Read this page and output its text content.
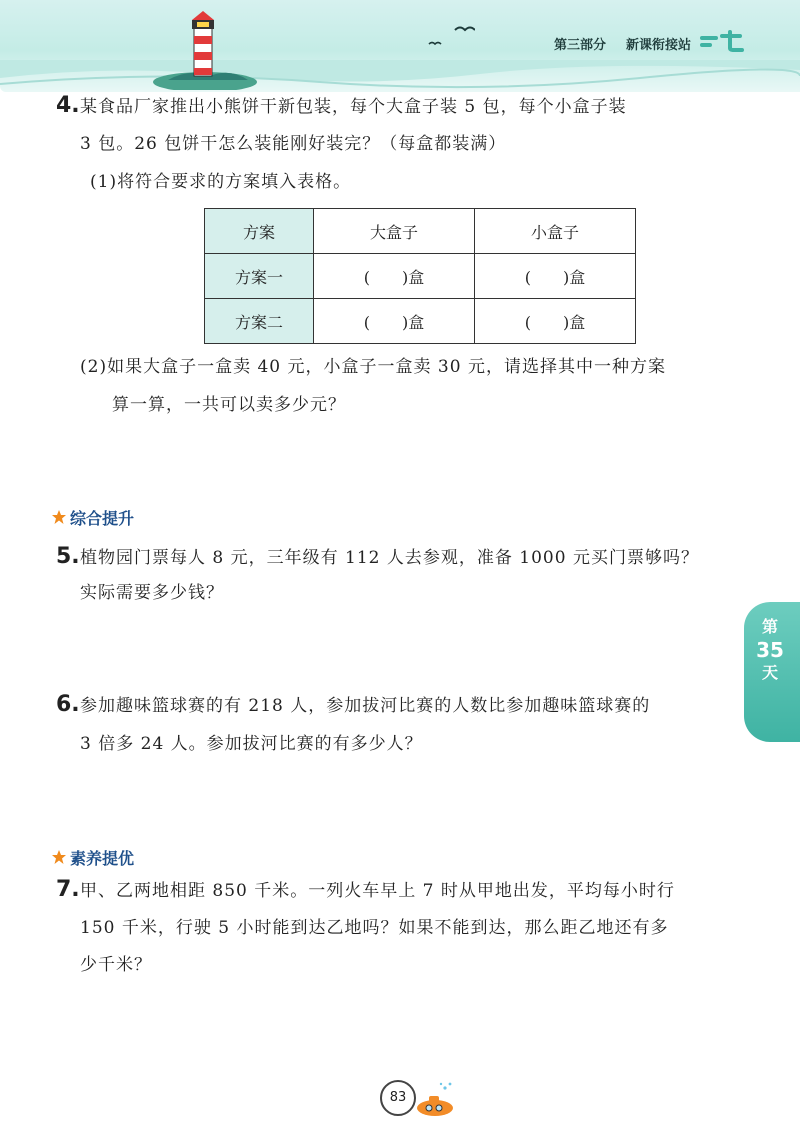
第三部分 新课衔接站
4. 某食品厂家推出小熊饼干新包装，每个大盒子装 5 包，每个小盒子装
3 包。26 包饼干怎么装能刚好装完？（每盒都装满）
(1)将符合要求的方案填入表格。
方案	大盒子	小盒子
方案一	(　　)盒	(　　)盒
方案二	(　　)盒	(　　)盒
(2)如果大盒子一盒卖 40 元，小盒子一盒卖 30 元，请选择其中一种方案
算一算，一共可以卖多少元？
综合提升
5. 植物园门票每人 8 元，三年级有 112 人去参观，准备 1000 元买门票够吗？
实际需要多少钱？
第
35
天
6. 参加趣味篮球赛的有 218 人，参加拔河比赛的人数比参加趣味篮球赛的
3 倍多 24 人。参加拔河比赛的有多少人？
素养提优
7. 甲、乙两地相距 850 千米。一列火车早上 7 时从甲地出发，平均每小时行
150 千米，行驶 5 小时能到达乙地吗？如果不能到达，那么距乙地还有多
少千米？
83
